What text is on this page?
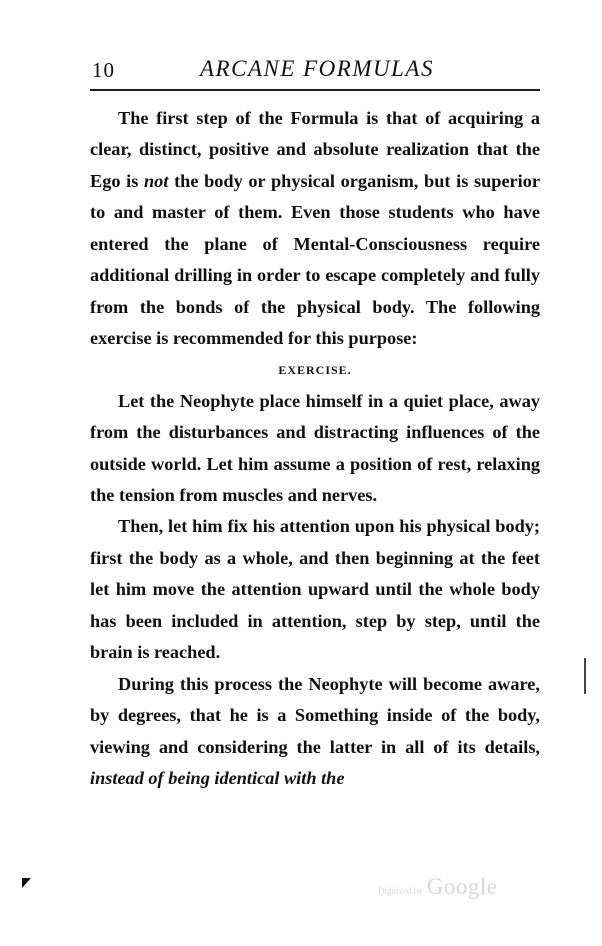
10	ARCANE FORMULAS

The first step of the Formula is that of acquiring a clear, distinct, positive and absolute realization that the Ego is not the body or physical organism, but is superior to and master of them. Even those students who have entered the plane of Mental-Consciousness require additional drilling in order to escape completely and fully from the bonds of the physical body. The following exercise is recommended for this purpose:

EXERCISE.

Let the Neophyte place himself in a quiet place, away from the disturbances and distracting influences of the outside world. Let him assume a position of rest, relaxing the tension from muscles and nerves.

Then, let him fix his attention upon his physical body; first the body as a whole, and then beginning at the feet let him move the attention upward until the whole body has been included in attention, step by step, until the brain is reached.

During this process the Neophyte will become aware, by degrees, that he is a Something inside of the body, viewing and considering the latter in all of its details, instead of being identical with the

Digitized by Google
